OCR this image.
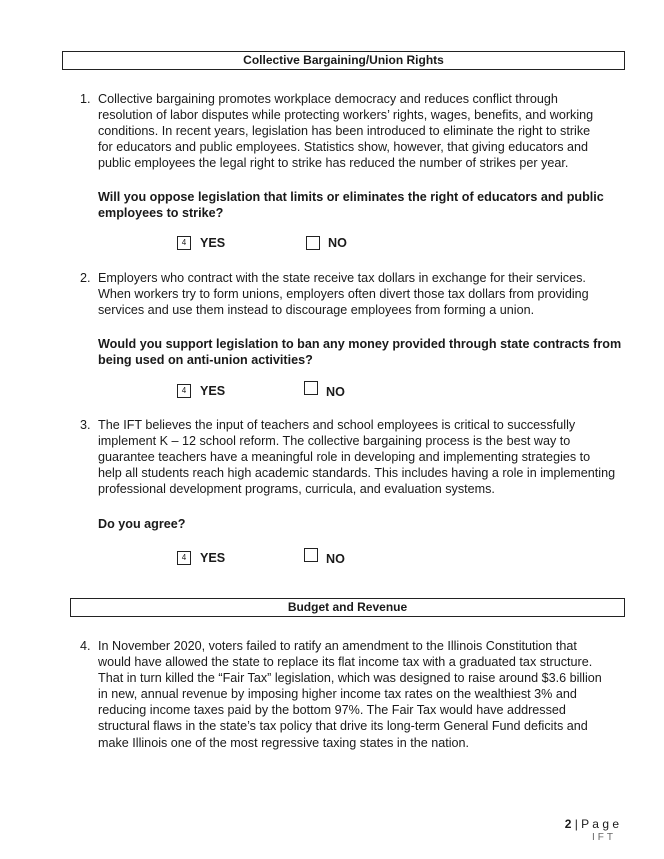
Collective Bargaining/Union Rights
1. Collective bargaining promotes workplace democracy and reduces conflict through

resolution of labor disputes while protecting workers’ rights, wages, benefits, and working

conditions. In recent years, legislation has been introduced to eliminate the right to strike

for educators and public employees. Statistics show, however, that giving educators and

public employees the legal right to strike has reduced the number of strikes per year.

Will you oppose legislation that limits or eliminates the right of educators and public

employees to strike?

4	YES	NO
2. Employers who contract with the state receive tax dollars in exchange for their services.

When workers try to form unions, employers often divert those tax dollars from providing

services and use them instead to discourage employees from forming a union.

Would you support legislation to ban any money provided through state contracts from

being used on anti-union activities?

4	YES	NO
3. The IFT believes the input of teachers and school employees is critical to successfully

implement K – 12 school reform. The collective bargaining process is the best way to

guarantee teachers have a meaningful role in developing and implementing strategies to

help all students reach high academic standards. This includes having a role in implementing

professional development programs, curricula, and evaluation systems.

Do you agree?

4	YES	NO
Budget and Revenue
4. In November 2020, voters failed to ratify an amendment to the Illinois Constitution that

would have allowed the state to replace its flat income tax with a graduated tax structure.

That in turn killed the “Fair Tax” legislation, which was designed to raise around $3.6 billion

in new, annual revenue by imposing higher income tax rates on the wealthiest 3% and

reducing income taxes paid by the bottom 97%. The Fair Tax would have addressed

structural flaws in the state’s tax policy that drive its long-term General Fund deficits and

make Illinois one of the most regressive taxing states in the nation.

2 | P a g e
IFT
